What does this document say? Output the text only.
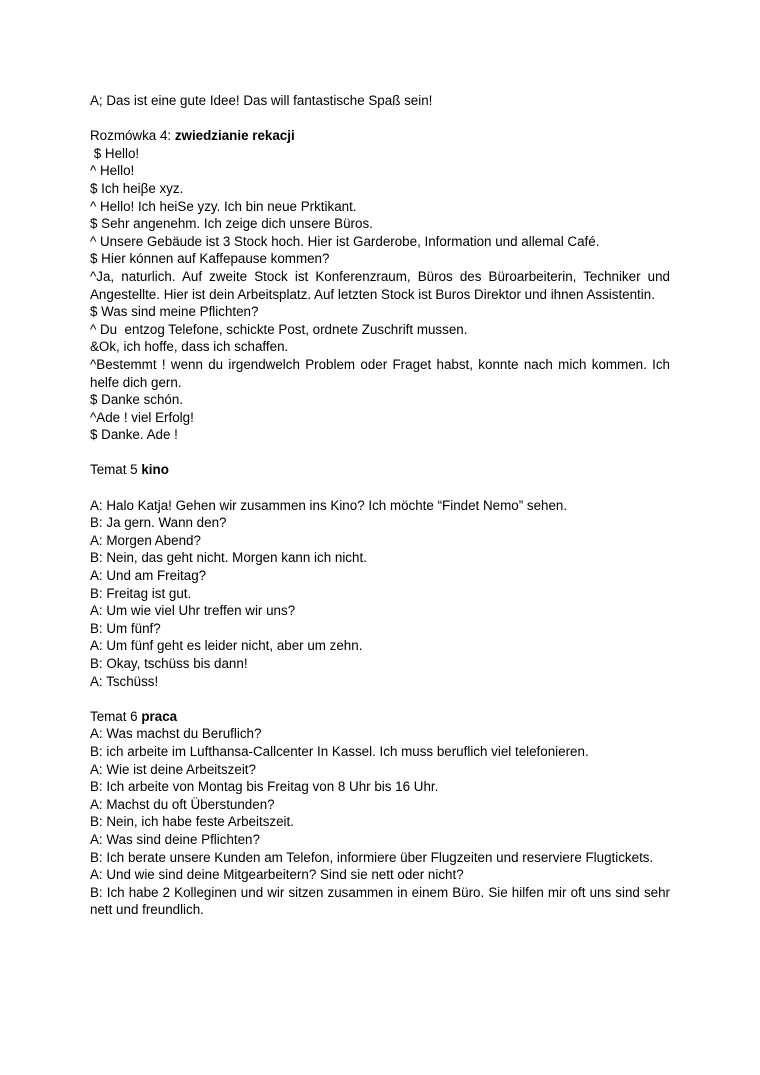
A; Das ist eine gute Idee! Das will fantastische Spaß sein!
Rozmówka 4: zwiedzianie rekacji
$ Hello!
^ Hello!
$ Ich heiβe xyz.
^ Hello! Ich heiSe yzy. Ich bin neue Prktikant.
$ Sehr angenehm. Ich zeige dich unsere Büros.
^ Unsere Gebäude ist 3 Stock hoch. Hier ist Garderobe, Information und allemal Café.
$ Hier kónnen auf Kaffepause kommen?
^Ja, naturlich. Auf zweite Stock ist Konferenzraum, Büros des Büroarbeiterin, Techniker und Angestellte. Hier ist dein Arbeitsplatz. Auf letzten Stock ist Buros Direktor und ihnen Assistentin.
$ Was sind meine Pflichten?
^ Du  entzog Telefone, schickte Post, ordnete Zuschrift mussen.
&Ok, ich hoffe, dass ich schaffen.
^Bestemmt ! wenn du irgendwelch Problem oder Fraget habst, konnte nach mich kommen. Ich helfe dich gern.
$ Danke schón.
^Ade ! viel Erfolg!
$ Danke. Ade !
Temat 5 kino
A: Halo Katja! Gehen wir zusammen ins Kino? Ich möchte “Findet Nemo” sehen.
B: Ja gern. Wann den?
A: Morgen Abend?
B: Nein, das geht nicht. Morgen kann ich nicht.
A: Und am Freitag?
B: Freitag ist gut.
A: Um wie viel Uhr treffen wir uns?
B: Um fünf?
A: Um fünf geht es leider nicht, aber um zehn.
B: Okay, tschüss bis dann!
A: Tschüss!
Temat 6 praca
A: Was machst du Beruflich?
B: ich arbeite im Lufthansa-Callcenter In Kassel. Ich muss beruflich viel telefonieren.
A: Wie ist deine Arbeitszeit?
B: Ich arbeite von Montag bis Freitag von 8 Uhr bis 16 Uhr.
A: Machst du oft Überstunden?
B: Nein, ich habe feste Arbeitszeit.
A: Was sind deine Pflichten?
B: Ich berate unsere Kunden am Telefon, informiere über Flugzeiten und reserviere Flugtickets.
A: Und wie sind deine Mitgearbeitern? Sind sie nett oder nicht?
B: Ich habe 2 Kolleginen und wir sitzen zusammen in einem Büro. Sie hilfen mir oft uns sind sehr nett und freundlich.
